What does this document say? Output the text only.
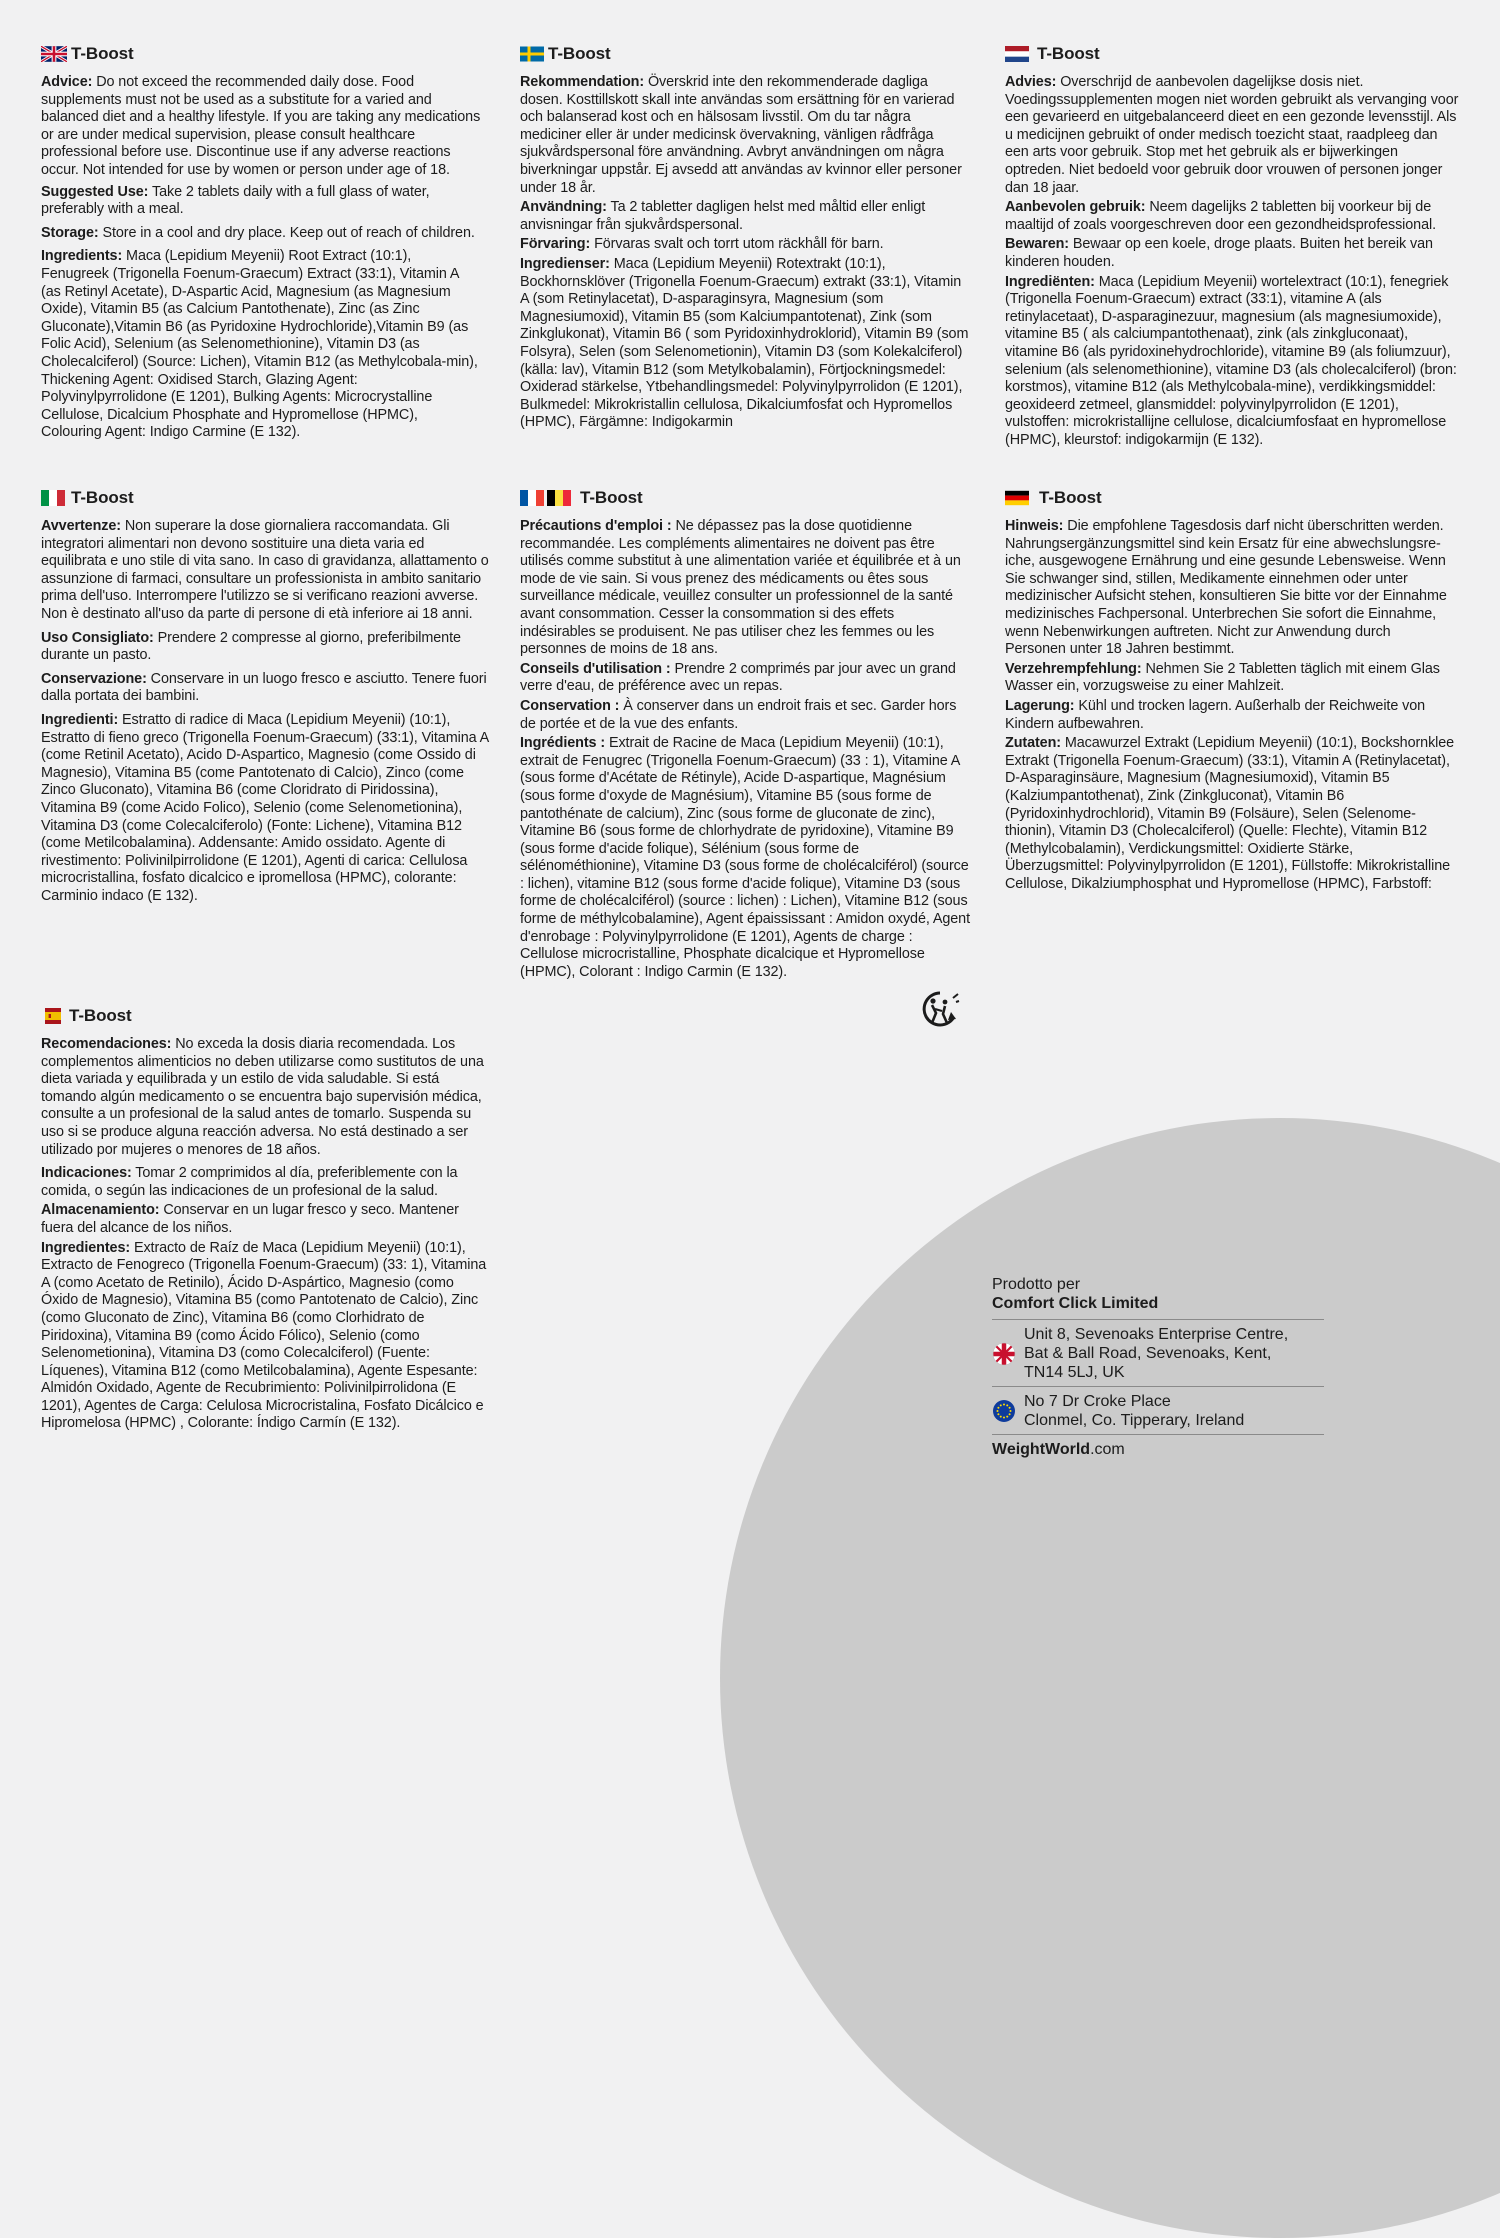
T-Boost

Advice: Do not exceed the recommended daily dose. Food supplements must not be used as a substitute for a varied and balanced diet and a healthy lifestyle. If you are taking any medications or are under medical supervision, please consult healthcare professional before use. Discontinue use if any adverse reactions occur. Not intended for use by women or person under age of 18.

Suggested Use: Take 2 tablets daily with a full glass of water, preferably with a meal.

Storage: Store in a cool and dry place. Keep out of reach of children.

Ingredients: Maca (Lepidium Meyenii) Root Extract (10:1), Fenugreek (Trigonella Foenum-Graecum) Extract (33:1), Vitamin A (as Retinyl Acetate), D-Aspartic Acid, Magnesium (as Magnesium Oxide), Vitamin B5 (as Calcium Pantothenate), Zinc (as Zinc Gluconate),Vitamin B6 (as Pyridoxine Hydrochloride),Vitamin B9 (as Folic Acid), Selenium (as Selenomethionine), Vitamin D3 (as Cholecalciferol) (Source: Lichen), Vitamin B12 (as Methylcobala-min), Thickening Agent: Oxidised Starch, Glazing Agent: Polyvinylpyrrolidone (E 1201), Bulking Agents: Microcrystalline Cellulose, Dicalcium Phosphate and Hypromellose (HPMC), Colouring Agent: Indigo Carmine (E 132).

T-Boost

Rekommendation: Överskrid inte den rekommenderade dagliga dosen. Kosttillskott skall inte användas som ersättning för en varierad och balanserad kost och en hälsosam livsstil. Om du tar några mediciner eller är under medicinsk övervakning, vänligen rådfråga sjukvårdspersonal före användning. Avbryt användningen om några biverkningar uppstår. Ej avsedd att användas av kvinnor eller personer under 18 år.

Användning: Ta 2 tabletter dagligen helst med måltid eller enligt anvisningar från sjukvårdspersonal.

Förvaring: Förvaras svalt och torrt utom räckhåll för barn.

Ingredienser: Maca (Lepidium Meyenii) Rotextrakt (10:1), Bockhornsklöver (Trigonella Foenum-Graecum) extrakt (33:1), Vitamin A (som Retinylacetat), D-asparaginsyra, Magnesium (som Magnesiumoxid), Vitamin B5 (som Kalciumpantotenat), Zink (som Zinkglukonat), Vitamin B6 ( som Pyridoxinhydroklorid), Vitamin B9 (som Folsyra), Selen (som Selenometionin), Vitamin D3 (som Kolekalciferol) (källa: lav), Vitamin B12 (som Metylkobalamin), Förtjockningsmedel: Oxiderad stärkelse, Ytbehandlingsmedel: Polyvinylpyrrolidon (E 1201), Bulkmedel: Mikrokristallin cellulosa, Dikalciumfosfat och Hypromellos (HPMC), Färgämne: Indigokarmin

T-Boost

Advies: Overschrijd de aanbevolen dagelijkse dosis niet. Voedingssupplementen mogen niet worden gebruikt als vervanging voor een gevarieerd en uitgebalanceerd dieet en een gezonde levensstijl. Als u medicijnen gebruikt of onder medisch toezicht staat, raadpleeg dan een arts voor gebruik. Stop met het gebruik als er bijwerkingen optreden. Niet bedoeld voor gebruik door vrouwen of personen jonger dan 18 jaar.

Aanbevolen gebruik: Neem dagelijks 2 tabletten bij voorkeur bij de maaltijd of zoals voorgeschreven door een gezondheidsprofessional.

Bewaren: Bewaar op een koele, droge plaats. Buiten het bereik van kinderen houden.

Ingrediënten: Maca (Lepidium Meyenii) wortelextract (10:1), fenegriek (Trigonella Foenum-Graecum) extract (33:1), vitamine A (als retinylacetaat), D-asparaginezuur, magnesium (als magnesiumoxide), vitamine B5 ( als calciumpantothenaat), zink (als zinkgluconaat), vitamine B6 (als pyridoxinehydrochloride), vitamine B9 (als foliumzuur), selenium (als selenomethionine), vitamine D3 (als cholecalciferol) (bron: korstmos), vitamine B12 (als Methylcobala-mine), verdikkingsmiddel: geoxideerd zetmeel, glansmiddel: polyvinylpyrrolidon (E 1201), vulstoffen: microkristallijne cellulose, dicalciumfosfaat en hypromellose (HPMC), kleurstof: indigokarmijn (E 132).

T-Boost

Avvertenze: Non superare la dose giornaliera raccomandata. Gli integratori alimentari non devono sostituire una dieta varia ed equilibrata e uno stile di vita sano. In caso di gravidanza, allattamento o assunzione di farmaci, consultare un professionista in ambito sanitario prima dell'uso. Interrompere l'utilizzo se si verificano reazioni avverse. Non è destinato all'uso da parte di persone di età inferiore ai 18 anni.

Uso Consigliato: Prendere 2 compresse al giorno, preferibilmente durante un pasto.

Conservazione: Conservare in un luogo fresco e asciutto. Tenere fuori dalla portata dei bambini.

Ingredienti: Estratto di radice di Maca (Lepidium Meyenii) (10:1), Estratto di fieno greco (Trigonella Foenum-Graecum) (33:1), Vitamina A (come Retinil Acetato), Acido D-Aspartico, Magnesio (come Ossido di Magnesio), Vitamina B5 (come Pantotenato di Calcio), Zinco (come Zinco Gluconato), Vitamina B6 (come Cloridrato di Piridossina), Vitamina B9 (come Acido Folico), Selenio (come Selenometionina), Vitamina D3 (come Colecalciferolo) (Fonte: Lichene), Vitamina B12 (come Metilcobalamina). Addensante: Amido ossidato. Agente di rivestimento: Polivinilpirrolidone (E 1201), Agenti di carica: Cellulosa microcristallina, fosfato dicalcico e ipromellosa (HPMC), colorante: Carminio indaco (E 132).

T-Boost

Précautions d'emploi : Ne dépassez pas la dose quotidienne recommandée. Les compléments alimentaires ne doivent pas être utilisés comme substitut à une alimentation variée et équilibrée et à un mode de vie sain. Si vous prenez des médicaments ou êtes sous surveillance médicale, veuillez consulter un professionnel de la santé avant consommation. Cesser la consommation si des effets indésirables se produisent. Ne pas utiliser chez les femmes ou les personnes de moins de 18 ans.

Conseils d'utilisation : Prendre 2 comprimés par jour avec un grand verre d'eau, de préférence avec un repas.

Conservation : À conserver dans un endroit frais et sec. Garder hors de portée et de la vue des enfants.

Ingrédients : Extrait de Racine de Maca (Lepidium Meyenii) (10:1), extrait de Fenugrec (Trigonella Foenum-Graecum) (33 : 1), Vitamine A (sous forme d'Acétate de Rétinyle), Acide D-aspartique, Magnésium (sous forme d'oxyde de Magnésium), Vitamine B5 (sous forme de pantothénate de calcium), Zinc (sous forme de gluconate de zinc), Vitamine B6 (sous forme de chlorhydrate de pyridoxine), Vitamine B9 (sous forme d'acide folique), Sélénium (sous forme de sélénométhionine), Vitamine D3 (sous forme de cholécalciférol) (source : lichen), vitamine B12 (sous forme d'acide folique), Vitamine D3 (sous forme de cholécalciférol) (source : lichen) : Lichen), Vitamine B12 (sous forme de méthylcobalamine), Agent épaississant : Amidon oxydé, Agent d'enrobage : Polyvinylpyrrolidone (E 1201), Agents de charge : Cellulose microcristalline, Phosphate dicalcique et Hypromellose (HPMC), Colorant : Indigo Carmin (E 132).

T-Boost

Hinweis: Die empfohlene Tagesdosis darf nicht überschritten werden. Nahrungsergänzungsmittel sind kein Ersatz für eine abwechslungsre-iche, ausgewogene Ernährung und eine gesunde Lebensweise. Wenn Sie schwanger sind, stillen, Medikamente einnehmen oder unter medizinischer Aufsicht stehen, konsultieren Sie bitte vor der Einnahme medizinisches Fachpersonal. Unterbrechen Sie sofort die Einnahme, wenn Nebenwirkungen auftreten. Nicht zur Anwendung durch Personen unter 18 Jahren bestimmt.

Verzehrempfehlung: Nehmen Sie 2 Tabletten täglich mit einem Glas Wasser ein, vorzugsweise zu einer Mahlzeit.

Lagerung: Kühl und trocken lagern. Außerhalb der Reichweite von Kindern aufbewahren.

Zutaten: Macawurzel Extrakt (Lepidium Meyenii) (10:1), Bockshornklee Extrakt (Trigonella Foenum-Graecum) (33:1), Vitamin A (Retinylacetat), D-Asparaginsäure, Magnesium (Magnesiumoxid), Vitamin B5 (Kalziumpantothenat), Zink (Zinkgluconat), Vitamin B6 (Pyridoxinhydrochlorid), Vitamin B9 (Folsäure), Selen (Selenome-thionin), Vitamin D3 (Cholecalciferol) (Quelle: Flechte), Vitamin B12 (Methylcobalamin), Verdickungsmittel: Oxidierte Stärke, Überzugsmittel: Polyvinylpyrrolidon (E 1201), Füllstoffe: Mikrokristalline Cellulose, Dikalziumphosphat und Hypromellose (HPMC), Farbstoff:

T-Boost

Recomendaciones: No exceda la dosis diaria recomendada. Los complementos alimenticios no deben utilizarse como sustitutos de una dieta variada y equilibrada y un estilo de vida saludable. Si está tomando algún medicamento o se encuentra bajo supervisión médica, consulte a un profesional de la salud antes de tomarlo. Suspenda su uso si se produce alguna reacción adversa. No está destinado a ser utilizado por mujeres o menores de 18 años.

Indicaciones: Tomar 2 comprimidos al día, preferiblemente con la comida, o según las indicaciones de un profesional de la salud.

Almacenamiento: Conservar en un lugar fresco y seco. Mantener fuera del alcance de los niños.

Ingredientes: Extracto de Raíz de Maca (Lepidium Meyenii) (10:1), Extracto de Fenogreco (Trigonella Foenum-Graecum) (33: 1), Vitamina A (como Acetato de Retinilo), Ácido D-Aspártico, Magnesio (como Óxido de Magnesio), Vitamina B5 (como Pantotenato de Calcio), Zinc (como Gluconato de Zinc), Vitamina B6 (como Clorhidrato de Piridoxina), Vitamina B9 (como Ácido Fólico), Selenio (como Selenometionina), Vitamina D3 (como Colecalciferol) (Fuente: Líquenes), Vitamina B12 (como Metilcobalamina), Agente Espesante: Almidón Oxidado, Agente de Recubrimiento: Polivinilpirrolidona (E 1201), Agentes de Carga: Celulosa Microcristalina, Fosfato Dicálcico e Hipromelosa (HPMC) , Colorante: Índigo Carmín (E 132).

Prodotto per

Comfort Click Limited

Unit 8, Sevenoaks Enterprise Centre,
Bat & Ball Road, Sevenoaks, Kent,
TN14 5LJ, UK
No 7 Dr Croke Place
Clonmel, Co. Tipperary, Ireland
WeightWorld.com
